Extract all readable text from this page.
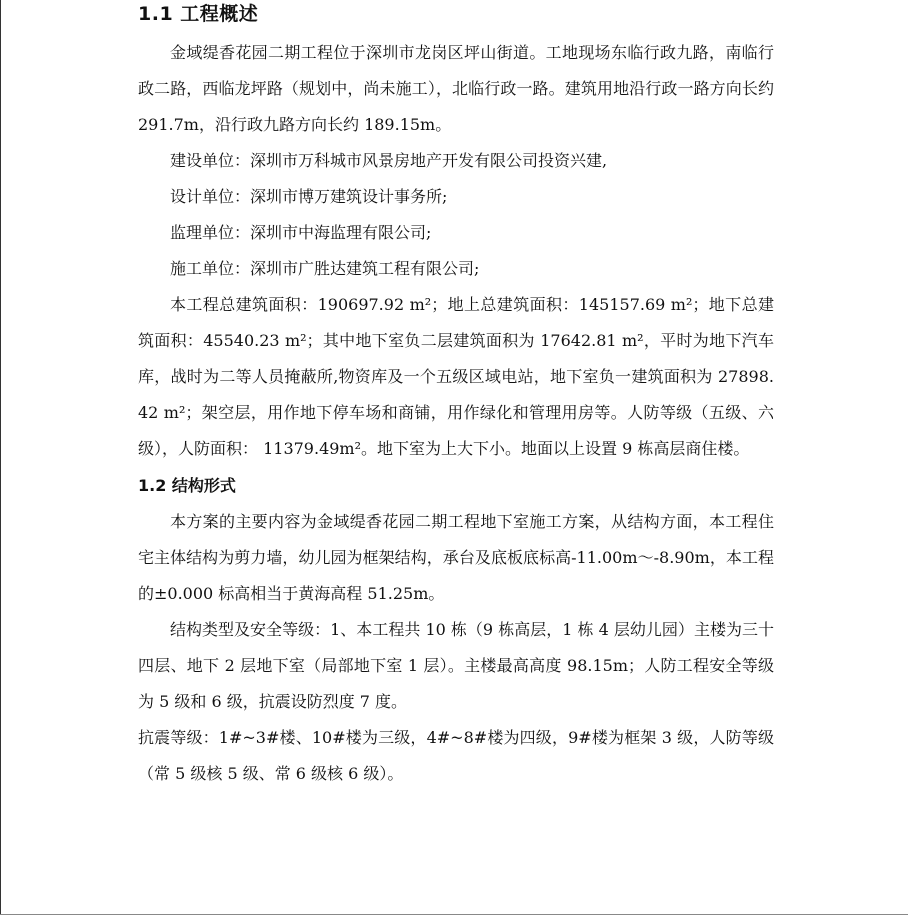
1.1 工程概述

金域缇香花园二期工程位于深圳市龙岗区坪山街道。工地现场东临行政九路，南临行政二路，西临龙坪路（规划中，尚未施工），北临行政一路。建筑用地沿行政一路方向长约 291.7m，沿行政九路方向长约 189.15m。

建设单位：深圳市万科城市风景房地产开发有限公司投资兴建,

设计单位：深圳市博万建筑设计事务所;

监理单位：深圳市中海监理有限公司;

施工单位：深圳市广胜达建筑工程有限公司;

本工程总建筑面积：190697.92 m²；地上总建筑面积：145157.69 m²；地下总建筑面积：45540.23 m²；其中地下室负二层建筑面积为 17642.81 m²，平时为地下汽车库，战时为二等人员掩蔽所,物资库及一个五级区域电站，地下室负一建筑面积为 27898.42 m²；架空层，用作地下停车场和商铺，用作绿化和管理用房等。人防等级（五级、六级），人防面积： 11379.49m²。地下室为上大下小。地面以上设置 9 栋高层商住楼。

1.2 结构形式

本方案的主要内容为金域缇香花园二期工程地下室施工方案，从结构方面，本工程住宅主体结构为剪力墙，幼儿园为框架结构，承台及底板底标高-11.00m～-8.90m，本工程的±0.000 标高相当于黄海高程 51.25m。

结构类型及安全等级：1、本工程共 10 栋（9 栋高层，1 栋 4 层幼儿园）主楼为三十四层、地下 2 层地下室（局部地下室 1 层）。主楼最高高度 98.15m；人防工程安全等级为 5 级和 6 级，抗震设防烈度 7 度。

抗震等级：1#~3#楼、10#楼为三级，4#~8#楼为四级，9#楼为框架 3 级，人防等级（常 5 级核 5 级、常 6 级核 6 级）。
